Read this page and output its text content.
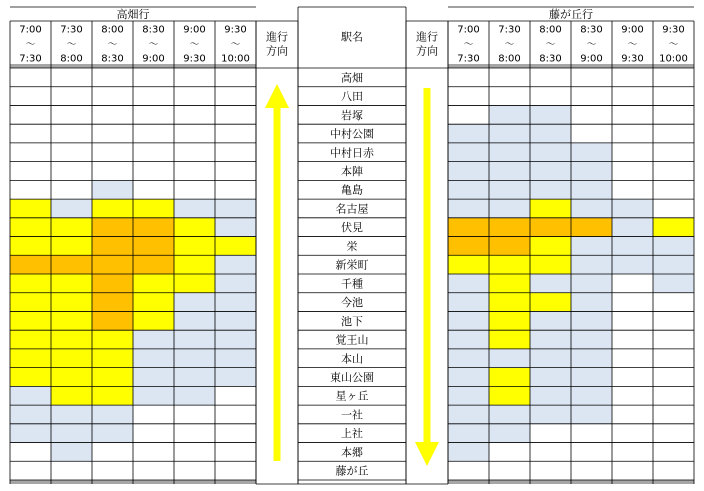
高畑行
7:00
～
7:30
7:30
～
8:00
8:00
～
8:30
8:30
～
9:00
9:00
～
9:30
9:30
～
10:00
藤が丘行
7:00
～
7:30
7:30
～
8:00
8:00
～
8:30
8:30
～
9:00
9:00
～
9:30
9:30
～
10:00
進行
方向
進行
方向
駅名
高畑
八田
岩塚
中村公園
中村日赤
本陣
亀島
名古屋
伏見
栄
新栄町
千種
今池
池下
覚王山
本山
東山公園
星ヶ丘
一社
上社
本郷
藤が丘
